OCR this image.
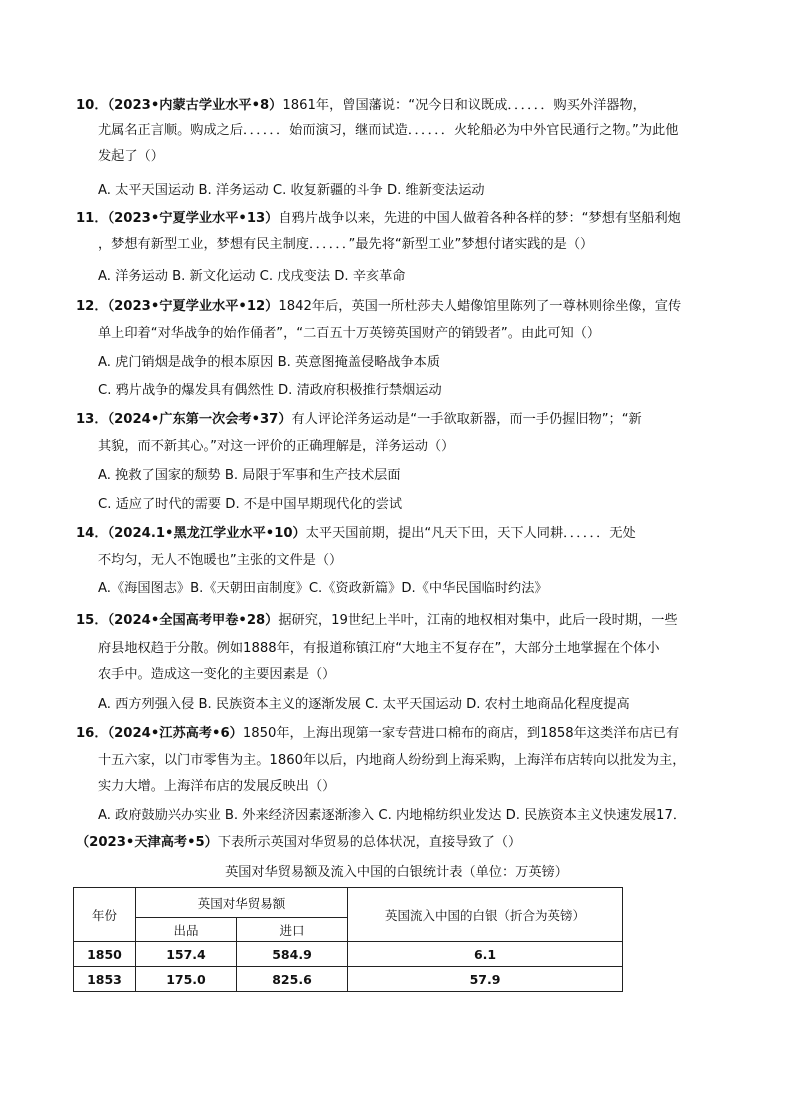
10．（2023•内蒙古学业水平•8）1861年，曾国藩说：“况今日和议既成．．．．．．购买外洋器物，
尤属名正言顺。购成之后．．．．．．始而演习，继而试造．．．．．．火轮船必为中外官民通行之物。”为此他
发起了（）
A. 太平天国运动 B. 洋务运动 C. 收复新疆的斗争 D. 维新变法运动
11．（2023•宁夏学业水平•13）自鸦片战争以来，先进的中国人做着各种各样的梦：“梦想有坚船利炮
，梦想有新型工业，梦想有民主制度．．．．．．”最先将“新型工业”梦想付诸实践的是（）
A. 洋务运动 B. 新文化运动 C. 戊戌变法 D. 辛亥革命
12．（2023•宁夏学业水平•12）1842年后，英国一所杜莎夫人蜡像馆里陈列了一尊林则徐坐像，宣传
单上印着“对华战争的始作俑者”，“二百五十万英镑英国财产的销毁者”。由此可知（）
A. 虎门销烟是战争的根本原因 B. 英意图掩盖侵略战争本质
C. 鸦片战争的爆发具有偶然性 D. 清政府积极推行禁烟运动
13．（2024•广东第一次会考•37）有人评论洋务运动是“一手欲取新器，而一手仍握旧物”；“新
其貌，而不新其心。”对这一评价的正确理解是，洋务运动（）
A. 挽救了国家的颓势 B. 局限于军事和生产技术层面
C. 适应了时代的需要 D. 不是中国早期现代化的尝试
14．（2024.1•黑龙江学业水平•10）太平天国前期，提出“凡天下田，天下人同耕．．．．．．无处
不均匀，无人不饱暖也”主张的文件是（）
A.《海国图志》B.《天朝田亩制度》C.《资政新篇》D.《中华民国临时约法》
15．（2024•全国高考甲卷•28）据研究，19世纪上半叶，江南的地权相对集中，此后一段时期，一些
府县地权趋于分散。例如1888年，有报道称镇江府“大地主不复存在”，大部分土地掌握在个体小
农手中。造成这一变化的主要因素是（）
A. 西方列强入侵 B. 民族资本主义的逐渐发展 C. 太平天国运动 D. 农村土地商品化程度提高
16．（2024•江苏高考•6）1850年，上海出现第一家专营进口棉布的商店，到1858年这类洋布店已有
十五六家，以门市零售为主。1860年以后，内地商人纷纷到上海采购，上海洋布店转向以批发为主，
实力大增。上海洋布店的发展反映出（）
A. 政府鼓励兴办实业 B. 外来经济因素逐渐渗入 C. 内地棉纺织业发达 D. 民族资本主义快速发展17．
（2023•天津高考•5）下表所示英国对华贸易的总体状况，直接导致了（）
英国对华贸易额及流入中国的白银统计表（单位：万英镑）
年份	英国对华贸易额		英国流入中国的白银（折合为英镑）
	出品	进口	
1850	157.4	584.9	6.1
1853	175.0	825.6	57.9
